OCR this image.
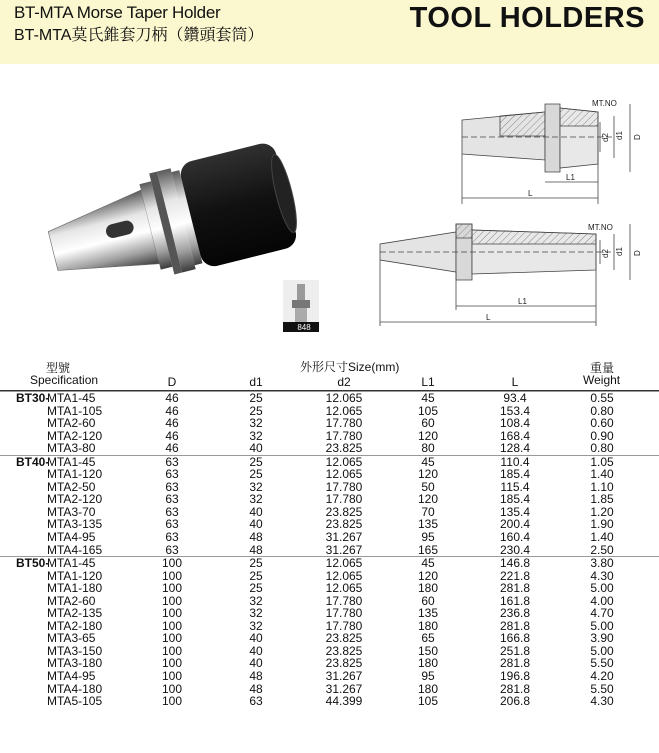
BT-MTA Morse Taper Holder
BT-MTA莫氏錐套刀柄（鑽頭套筒）
TOOL HOLDERS
848
MT.NO
d2 d1 D
L1
L
MT.NO
d2 d1 D
L1
L
型號
Specification
外形尺寸Size(mm)
D	d1	d2	L1	L
重量
Weight
BT30-
MTA1-45	46	25	12.065	45	93.4	0.55
MTA1-105	46	25	12.065	105	153.4	0.80
MTA2-60	46	32	17.780	60	108.4	0.60
MTA2-120	46	32	17.780	120	168.4	0.90
MTA3-80	46	40	23.825	80	128.4	0.80
BT40-
MTA1-45	63	25	12.065	45	110.4	1.05
MTA1-120	63	25	12.065	120	185.4	1.40
MTA2-50	63	32	17.780	50	115.4	1.10
MTA2-120	63	32	17.780	120	185.4	1.85
MTA3-70	63	40	23.825	70	135.4	1.20
MTA3-135	63	40	23.825	135	200.4	1.90
MTA4-95	63	48	31.267	95	160.4	1.40
MTA4-165	63	48	31.267	165	230.4	2.50
BT50-
MTA1-45	100	25	12.065	45	146.8	3.80
MTA1-120	100	25	12.065	120	221.8	4.30
MTA1-180	100	25	12.065	180	281.8	5.00
MTA2-60	100	32	17.780	60	161.8	4.00
MTA2-135	100	32	17.780	135	236.8	4.70
MTA2-180	100	32	17.780	180	281.8	5.00
MTA3-65	100	40	23.825	65	166.8	3.90
MTA3-150	100	40	23.825	150	251.8	5.00
MTA3-180	100	40	23.825	180	281.8	5.50
MTA4-95	100	48	31.267	95	196.8	4.20
MTA4-180	100	48	31.267	180	281.8	5.50
MTA5-105	100	63	44.399	105	206.8	4.30
